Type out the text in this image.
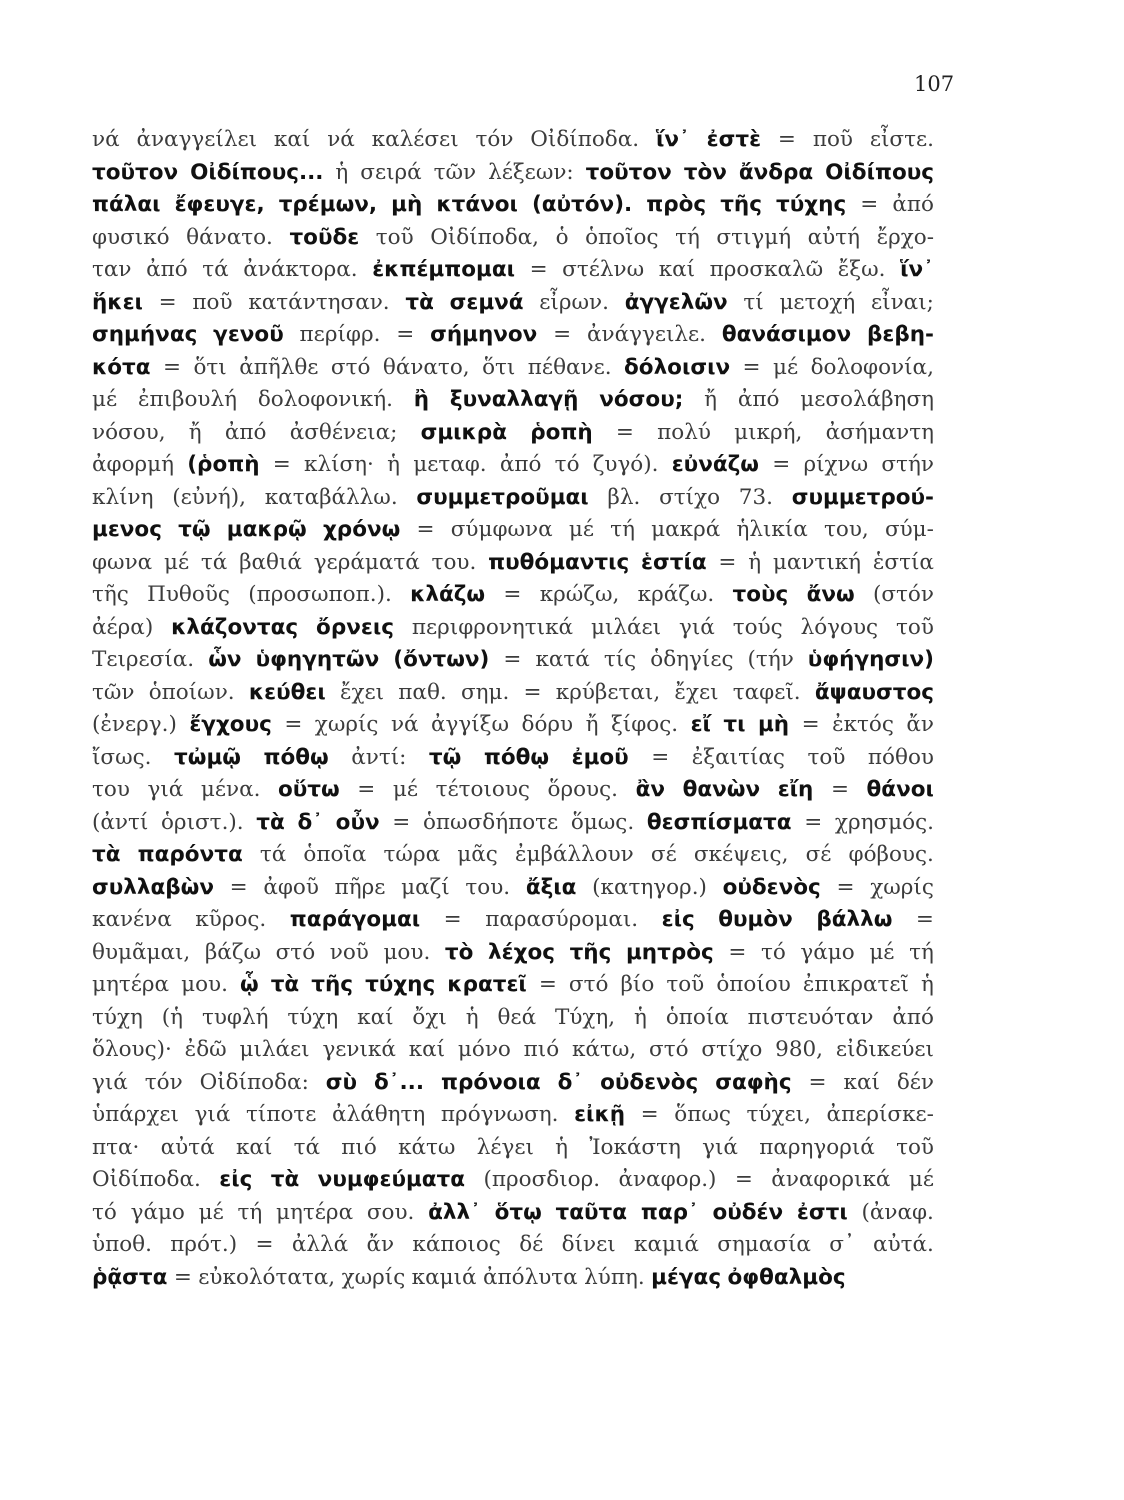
107
νά ἀναγγείλει καί νά καλέσει τόν Οἰδίποδα. ἵν᾽ ἐστὲ = ποῦ εἶστε.
τοῦτον Οἰδίπους... ἡ σειρά τῶν λέξεων: τοῦτον τὸν ἄνδρα Οἰδίπους
πάλαι ἔφευγε, τρέμων, μὴ κτάνοι (αὐτόν). πρὸς τῆς τύχης = ἀπό
φυσικό θάνατο. τοῦδε τοῦ Οἰδίποδα, ὁ ὁποῖος τή στιγμή αὐτή ἔρχο-
ταν ἀπό τά ἀνάκτορα. ἐκπέμπομαι = στέλνω καί προσκαλῶ ἔξω. ἵν᾽
ἥκει = ποῦ κατάντησαν. τὰ σεμνά εἶρων. ἀγγελῶν τί μετοχή εἶναι;
σημήνας γενοῦ περίφρ. = σήμηνον = ἀνάγγειλε. θανάσιμον βεβη-
κότα = ὅτι ἀπῆλθε στό θάνατο, ὅτι πέθανε. δόλοισιν = μέ δολοφονία,
μέ ἐπιβουλή δολοφονική. ἢ ξυναλλαγῇ νόσου; ἤ ἀπό μεσολάβηση
νόσου, ἤ ἀπό ἀσθένεια; σμικρὰ ῥοπὴ = πολύ μικρή, ἀσήμαντη
ἀφορμή (ῥοπὴ = κλίση· ἡ μεταφ. ἀπό τό ζυγό). εὐνάζω = ρίχνω στήν
κλίνη (εὐνή), καταβάλλω. συμμετροῦμαι βλ. στίχο 73. συμμετρού-
μενος τῷ μακρῷ χρόνῳ = σύμφωνα μέ τή μακρά ἡλικία του, σύμ-
φωνα μέ τά βαθιά γεράματά του. πυθόμαντις ἑστία = ἡ μαντική ἑστία
τῆς Πυθοῦς (προσωποπ.). κλάζω = κρώζω, κράζω. τοὺς ἄνω (στόν
ἀέρα) κλάζοντας ὄρνεις περιφρονητικά μιλάει γιά τούς λόγους τοῦ
Τειρεσία. ὧν ὑφηγητῶν (ὄντων) = κατά τίς ὁδηγίες (τήν ὑφήγησιν)
τῶν ὁποίων. κεύθει ἔχει παθ. σημ. = κρύβεται, ἔχει ταφεῖ. ἄψαυστος
(ἐνεργ.) ἔγχους = χωρίς νά ἀγγίξω δόρυ ἤ ξίφος. εἴ τι μὴ = ἐκτός ἄν
ἴσως. τὠμῷ πόθῳ ἀντί: τῷ πόθῳ ἐμοῦ = ἐξαιτίας τοῦ πόθου
του γιά μένα. οὕτω = μέ τέτοιους ὅρους. ἂν θανὼν εἴη = θάνοι
(ἀντί ὁριστ.). τὰ δ᾽ οὖν = ὁπωσδήποτε ὅμως. θεσπίσματα = χρησμός.
τὰ παρόντα τά ὁποῖα τώρα μᾶς ἐμβάλλουν σέ σκέψεις, σέ φόβους.
συλλαβὼν = ἀφοῦ πῆρε μαζί του. ἄξια (κατηγορ.) οὐδενὸς = χωρίς
κανένα κῦρος. παράγομαι = παρασύρομαι. εἰς θυμὸν βάλλω =
θυμᾶμαι, βάζω στό νοῦ μου. τὸ λέχος τῆς μητρὸς = τό γάμο μέ τή
μητέρα μου. ᾧ τὰ τῆς τύχης κρατεῖ = στό βίο τοῦ ὁποίου ἐπικρατεῖ ἡ
τύχη (ἡ τυφλή τύχη καί ὄχι ἡ θεά Τύχη, ἡ ὁποία πιστευόταν ἀπό
ὅλους)· ἐδῶ μιλάει γενικά καί μόνο πιό κάτω, στό στίχο 980, εἰδικεύει
γιά τόν Οἰδίποδα: σὺ δ᾽... πρόνοια δ᾽ οὐδενὸς σαφὴς = καί δέν
ὑπάρχει γιά τίποτε ἀλάθητη πρόγνωση. εἰκῇ = ὅπως τύχει, ἀπερίσκε-
πτα· αὐτά καί τά πιό κάτω λέγει ἡ Ἰοκάστη γιά παρηγοριά τοῦ
Οἰδίποδα. εἰς τὰ νυμφεύματα (προσδιορ. ἀναφορ.) = ἀναφορικά μέ
τό γάμο μέ τή μητέρα σου. ἀλλ᾽ ὅτῳ ταῦτα παρ᾽ οὐδέν ἐστι (ἀναφ.
ὑποθ. πρότ.) = ἀλλά ἄν κάποιος δέ δίνει καμιά σημασία σ᾽ αὐτά.
ῥᾷστα = εὐκολότατα, χωρίς καμιά ἀπόλυτα λύπη. μέγας ὀφθαλμὸς
